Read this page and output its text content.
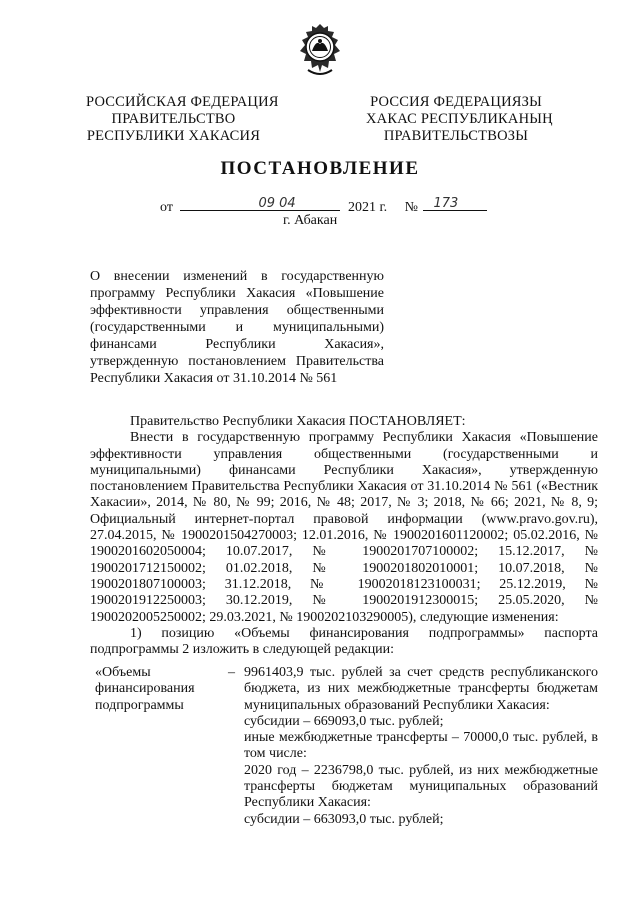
РОССИЙСКАЯ ФЕДЕРАЦИЯ
ПРАВИТЕЛЬСТВО
РЕСПУБЛИКИ ХАКАСИЯ
РОССИЯ ФЕДЕРАЦИЯЗЫ
ХАКАС РЕСПУБЛИКАНЫҢ
ПРАВИТЕЛЬСТВОЗЫ
ПОСТАНОВЛЕНИЕ
от	09 04	2021 г. № 173
г. Абакан
О внесении изменений в государственную программу Республики Хакасия «Повышение эффективности управления общественными (государственными и муниципальными) финансами Республики Хакасия», утвержденную постановлением Правительства Республики Хакасия от 31.10.2014 № 561

Правительство Республики Хакасия ПОСТАНОВЛЯЕТ:

Внести в государственную программу Республики Хакасия «Повышение эффективности управления общественными (государственными и муниципальными) финансами Республики Хакасия», утвержденную постановлением Правительства Республики Хакасия от 31.10.2014 № 561 («Вестник Хакасии», 2014, № 80, № 99; 2016, № 48; 2017, № 3; 2018, № 66; 2021, № 8, 9; Официальный интернет-портал правовой информации (www.pravo.gov.ru), 27.04.2015, № 1900201504270003; 12.01.2016, № 1900201601120002; 05.02.2016, № 1900201602050004; 10.07.2017, № 1900201707100002; 15.12.2017, № 1900201712150002; 01.02.2018, № 1900201802010001; 10.07.2018, № 1900201807100003; 31.12.2018, № 19002018123100031; 25.12.2019, № 1900201912250003; 30.12.2019, № 1900201912300015; 25.05.2020, № 1900202005250002; 29.03.2021, № 1900202103290005), следующие изменения:

1) позицию «Объемы финансирования подпрограммы» паспорта подпрограммы 2 изложить в следующей редакции:

«Объемы финансирования подпрограммы
– 9961403,9 тыс. рублей за счет средств республиканского бюджета, из них межбюджетные трансферты бюджетам муниципальных образований Республики Хакасия:

субсидии – 669093,0 тыс. рублей;

иные межбюджетные трансферты – 70000,0 тыс. рублей, в том числе:

2020 год – 2236798,0 тыс. рублей, из них межбюджетные трансферты бюджетам муниципальных образований Республики Хакасия:

субсидии – 663093,0 тыс. рублей;
